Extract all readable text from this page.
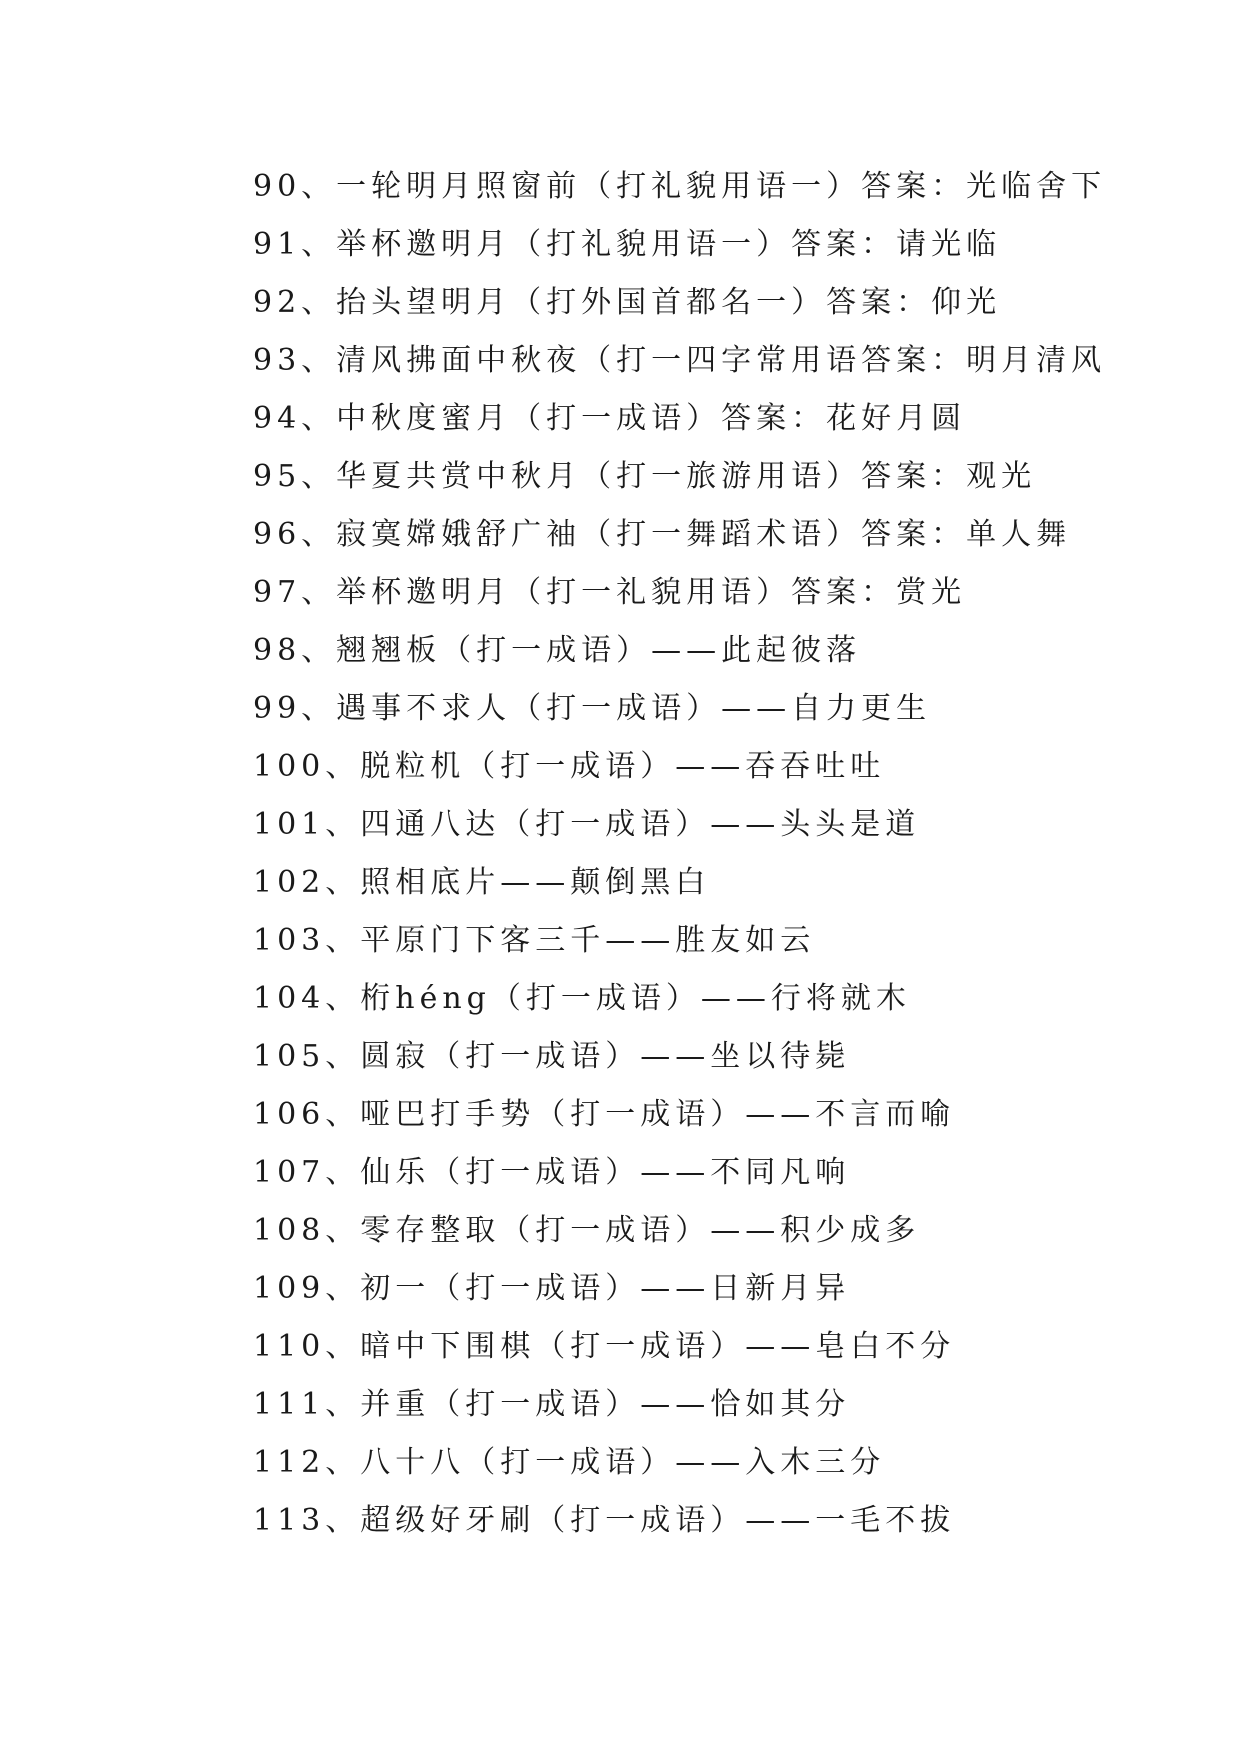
90、一轮明月照窗前（打礼貌用语一）答案：光临舍下
91、举杯邀明月（打礼貌用语一）答案：请光临
92、抬头望明月（打外国首都名一）答案：仰光
93、清风拂面中秋夜（打一四字常用语答案：明月清风
94、中秋度蜜月（打一成语）答案：花好月圆
95、华夏共赏中秋月（打一旅游用语）答案：观光
96、寂寞嫦娥舒广袖（打一舞蹈术语）答案：单人舞
97、举杯邀明月（打一礼貌用语）答案：赏光
98、翘翘板（打一成语）——此起彼落
99、遇事不求人（打一成语）——自力更生
100、脱粒机（打一成语）——吞吞吐吐
101、四通八达（打一成语）——头头是道
102、照相底片——颠倒黑白
103、平原门下客三千——胜友如云
104、桁héng（打一成语）——行将就木
105、圆寂（打一成语）——坐以待毙
106、哑巴打手势（打一成语）——不言而喻
107、仙乐（打一成语）——不同凡响
108、零存整取（打一成语）——积少成多
109、初一（打一成语）——日新月异
110、暗中下围棋（打一成语）——皂白不分
111、并重（打一成语）——恰如其分
112、八十八（打一成语）——入木三分
113、超级好牙刷（打一成语）——一毛不拔
